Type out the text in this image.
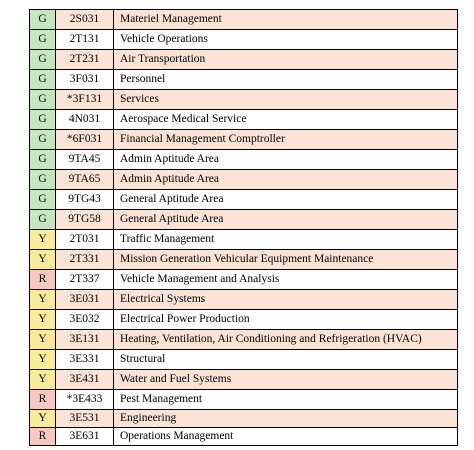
G	2S031	Materiel Management
G	2T131	Vehicle Operations
G	2T231	Air Transportation
G	3F031	Personnel
G	*3F131	Services
G	4N031	Aerospace Medical Service
G	*6F031	Financial Management Comptroller
G	9TA45	Admin Aptitude Area
G	9TA65	Admin Aptitude Area
G	9TG43	General Aptitude Area
G	9TG58	General Aptitude Area
Y	2T031	Traffic Management
Y	2T331	Mission Generation Vehicular Equipment Maintenance
R	2T337	Vehicle Management and Analysis
Y	3E031	Electrical Systems
Y	3E032	Electrical Power Production
Y	3E131	Heating, Ventilation, Air Conditioning and Refrigeration (HVAC)
Y	3E331	Structural
Y	3E431	Water and Fuel Systems
R	*3E433	Pest Management
Y	3E531	Engineering
R	3E631	Operations Management
